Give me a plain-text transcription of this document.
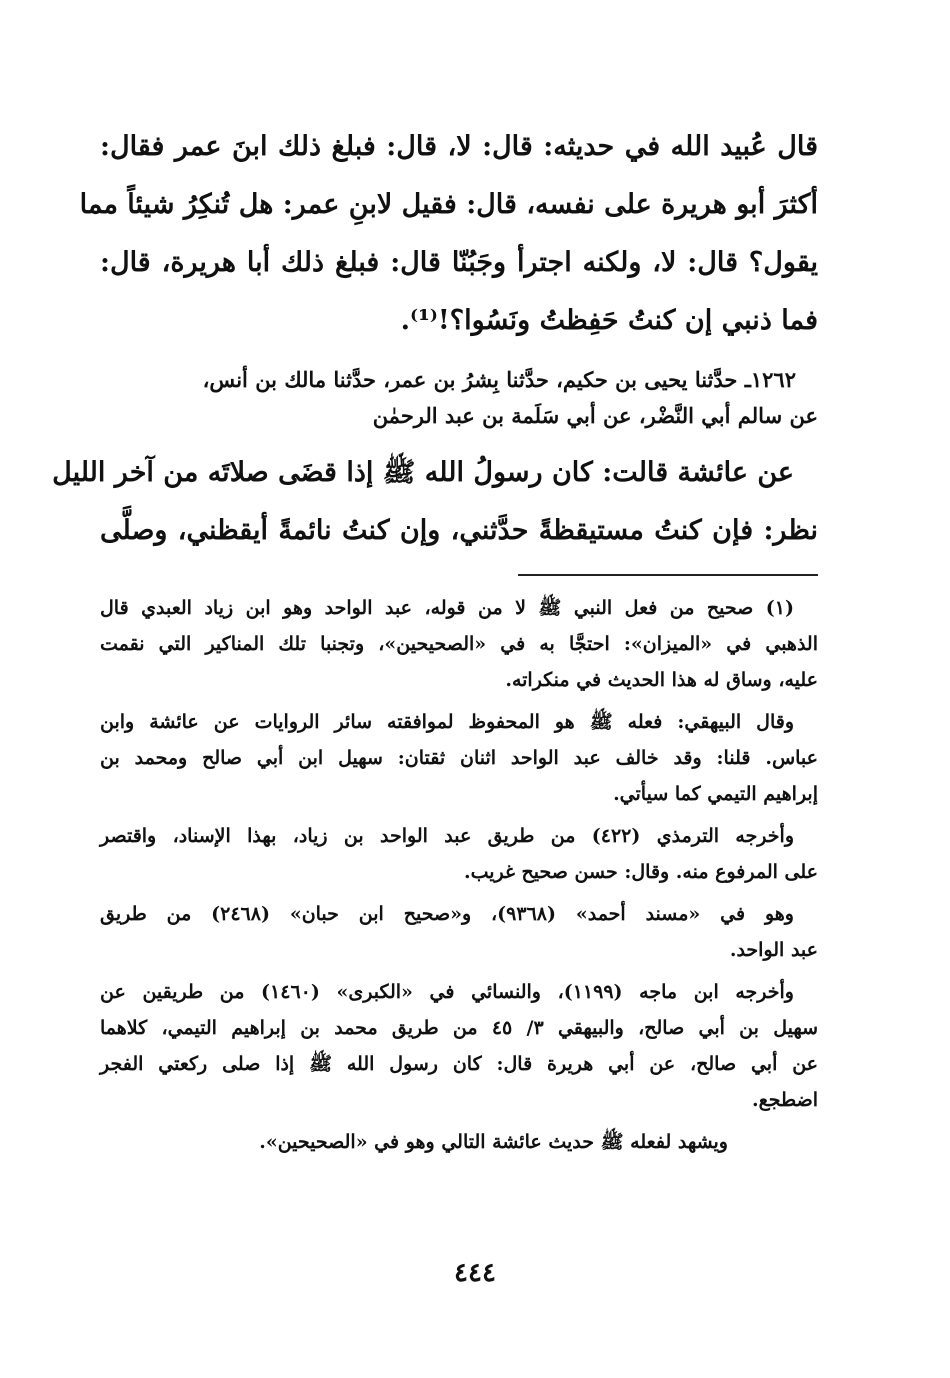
قال عُبيد الله في حديثه: قال: لا، قال: فبلغ ذلك ابنَ عمر فقال:
أكثرَ أبو هريرة على نفسه، قال: فقيل لابنِ عمر: هل تُنكِرُ شيئاً مما
يقول؟ قال: لا، ولكنه اجترأ وجَبُنّا قال: فبلغ ذلك أبا هريرة، قال:
فما ذنبي إن كنتُ حَفِظتُ ونَسُوا؟!⁽¹⁾.
١٢٦٢ـ حدَّثنا يحيى بن حكيم، حدَّثنا بِشرُ بن عمر، حدَّثنا مالك بن أنس،
عن سالم أبي النَّضْر، عن أبي سَلَمة بن عبد الرحمٰن
عن عائشة قالت: كان رسولُ الله ﷺ إذا قضَى صلاتَه من آخر الليل
نظر: فإن كنتُ مستيقظةً حدَّثني، وإن كنتُ نائمةً أيقظني، وصلَّى
(١) صحيح من فعل النبي ﷺ لا من قوله، عبد الواحد وهو ابن زياد العبدي قال
الذهبي في «الميزان»: احتجَّا به في «الصحيحين»، وتجنبا تلك المناكير التي نقمت
عليه، وساق له هذا الحديث في منكراته.
وقال البيهقي: فعله ﷺ هو المحفوظ لموافقته سائر الروايات عن عائشة وابن
عباس. قلنا: وقد خالف عبد الواحد اثنان ثقتان: سهيل ابن أبي صالح ومحمد بن
إبراهيم التيمي كما سيأتي.
وأخرجه الترمذي (٤٢٢) من طريق عبد الواحد بن زياد، بهذا الإسناد، واقتصر
على المرفوع منه. وقال: حسن صحيح غريب.
وهو في «مسند أحمد» (٩٣٦٨)، و«صحيح ابن حبان» (٢٤٦٨) من طريق
عبد الواحد.
وأخرجه ابن ماجه (١١٩٩)، والنسائي في «الكبرى» (١٤٦٠) من طريقين عن
سهيل بن أبي صالح، والبيهقي ٣/ ٤٥ من طريق محمد بن إبراهيم التيمي، كلاهما
عن أبي صالح، عن أبي هريرة قال: كان رسول الله ﷺ إذا صلى ركعتي الفجر
اضطجع.
ويشهد لفعله ﷺ حديث عائشة التالي وهو في «الصحيحين».
٤٤٤
